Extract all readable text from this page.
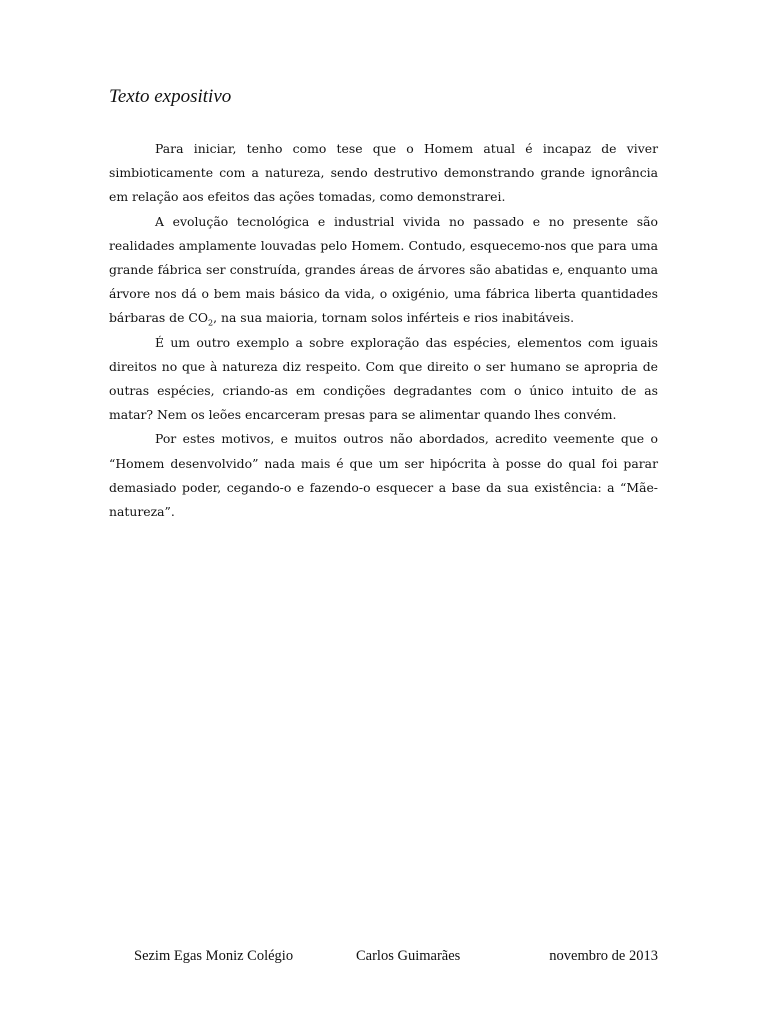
Texto expositivo

Para iniciar, tenho como tese que o Homem atual é incapaz de viver simbioticamente com a natureza, sendo destrutivo demonstrando grande ignorância em relação aos efeitos das ações tomadas, como demonstrarei.

A evolução tecnológica e industrial vivida no passado e no presente são realidades amplamente louvadas pelo Homem. Contudo, esquecemo-nos que para uma grande fábrica ser construída, grandes áreas de árvores são abatidas e, enquanto uma árvore nos dá o bem mais básico da vida, o oxigénio, uma fábrica liberta quantidades bárbaras de $CO_2$, na sua maioria, tornam solos inférteis e rios inabitáveis.

É um outro exemplo a sobre exploração das espécies, elementos com iguais direitos no que à natureza diz respeito. Com que direito o ser humano se apropria de outras espécies, criando-as em condições degradantes com o único intuito de as matar? Nem os leões encarceram presas para se alimentar quando lhes convém.

Por estes motivos, e muitos outros não abordados, acredito veemente que o “Homem desenvolvido” nada mais é que um ser hipócrita à posse do qual foi parar demasiado poder, cegando-o e fazendo-o esquecer a base da sua existência: a “Mãe-natureza”.

Sezim Egas Moniz Colégio	Carlos Guimarães	novembro de 2013
